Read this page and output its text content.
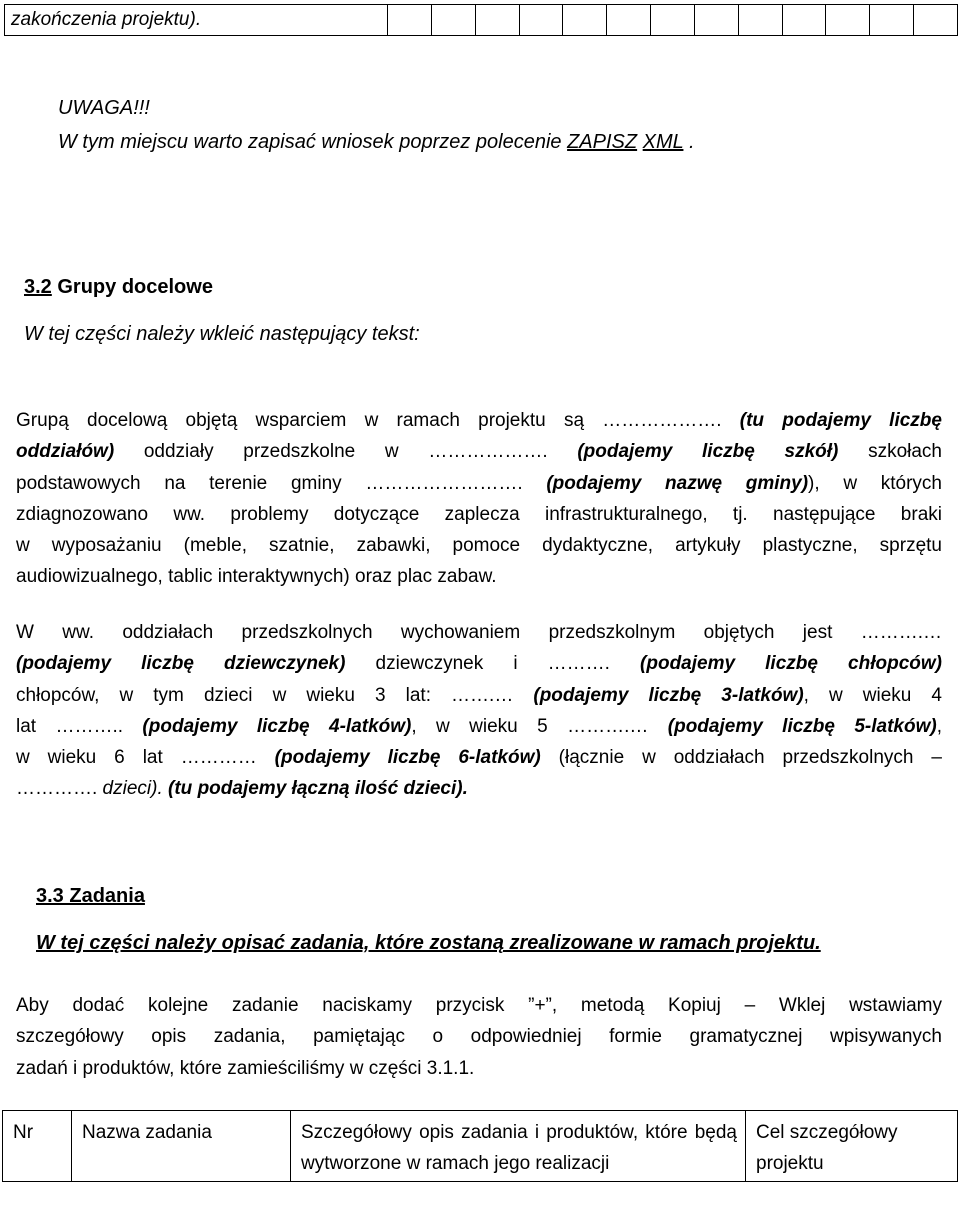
zakończenia projektu).													
UWAGA!!!
W tym miejscu warto zapisać wniosek poprzez polecenie ZAPISZ XML .
3.2 Grupy docelowe
W tej części należy wkleić następujący tekst:
Grupą docelową objętą wsparciem w ramach projektu są ………………. (tu podajemy liczbę
oddziałów) oddziały przedszkolne w ………………. (podajemy liczbę szkół) szkołach
podstawowych na terenie gminy ……………………. (podajemy nazwę gminy)), w których
zdiagnozowano ww. problemy dotyczące zaplecza infrastrukturalnego, tj. następujące braki
w wyposażaniu (meble, szatnie, zabawki, pomoce dydaktyczne, artykuły plastyczne, sprzętu
audiowizualnego, tablic interaktywnych) oraz plac zabaw.
W ww. oddziałach przedszkolnych wychowaniem przedszkolnym objętych jest ……….…
(podajemy liczbę dziewczynek) dziewczynek i ………. (podajemy liczbę chłopców)
chłopców, w tym dzieci w wieku 3 lat: …….… (podajemy liczbę 3-latków), w wieku 4
lat ……….. (podajemy liczbę 4-latków), w wieku 5 ……….… (podajemy liczbę 5-latków),
w wieku 6 lat ………… (podajemy liczbę 6-latków) (łącznie w oddziałach przedszkolnych –
…………. dzieci). (tu podajemy łączną ilość dzieci).
3.3 Zadania
W tej części należy opisać zadania, które zostaną zrealizowane w ramach projektu.
Aby dodać kolejne zadanie naciskamy przycisk ”+”, metodą Kopiuj – Wklej wstawiamy
szczegółowy opis zadania, pamiętając o odpowiedniej formie gramatycznej wpisywanych
zadań i produktów, które zamieściliśmy w części 3.1.1.
Nr	Nazwa zadania	Szczegółowy opis zadania i produktów, które będą wytworzone w ramach jego realizacji	Cel szczegółowy projektu
